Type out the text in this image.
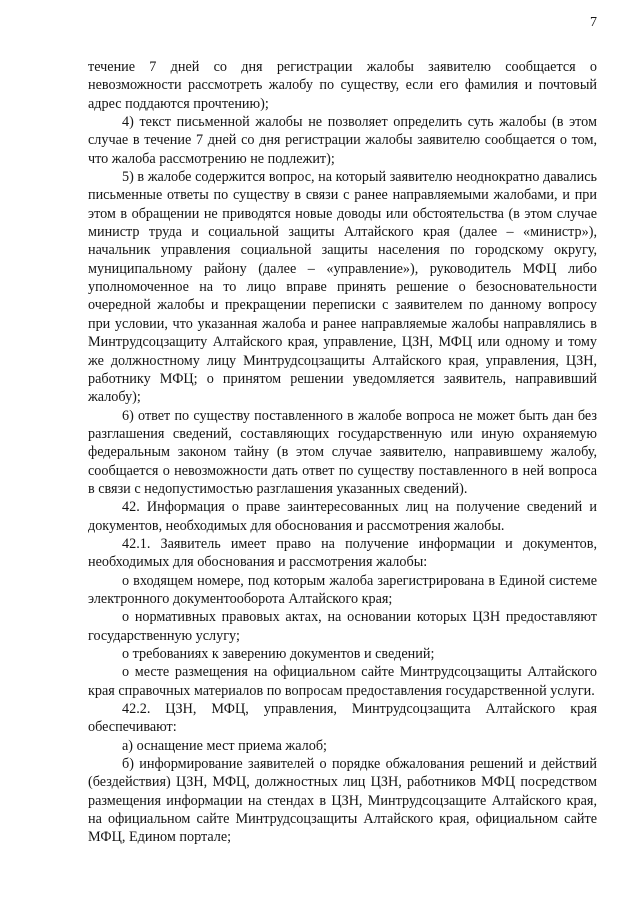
7

течение 7 дней со дня регистрации жалобы заявителю сообщается о невозможности рассмотреть жалобу по существу, если его фамилия и почтовый адрес поддаются прочтению);

4) текст письменной жалобы не позволяет определить суть жалобы (в этом случае в течение 7 дней со дня регистрации жалобы заявителю сообщается о том, что жалоба рассмотрению не подлежит);

5) в жалобе содержится вопрос, на который заявителю неоднократно давались письменные ответы по существу в связи с ранее направляемыми жалобами, и при этом в обращении не приводятся новые доводы или обстоятельства (в этом случае министр труда и социальной защиты Алтайского края (далее – «министр»), начальник управления социальной защиты населения по городскому округу, муниципальному району (далее – «управление»), руководитель МФЦ либо уполномоченное на то лицо вправе принять решение о безосновательности очередной жалобы и прекращении переписки с заявителем по данному вопросу при условии, что указанная жалоба и ранее направляемые жалобы направлялись в Минтрудсоцзащиту Алтайского края, управление, ЦЗН, МФЦ или одному и тому же должностному лицу Минтрудсоцзащиты Алтайского края, управления, ЦЗН, работнику МФЦ; о принятом решении уведомляется заявитель, направивший жалобу);

6) ответ по существу поставленного в жалобе вопроса не может быть дан без разглашения сведений, составляющих государственную или иную охраняемую федеральным законом тайну (в этом случае заявителю, направившему жалобу, сообщается о невозможности дать ответ по существу поставленного в ней вопроса в связи с недопустимостью разглашения указанных сведений).

42. Информация о праве заинтересованных лиц на получение сведений и документов, необходимых для обоснования и рассмотрения жалобы.

42.1. Заявитель имеет право на получение информации и документов, необходимых для обоснования и рассмотрения жалобы:

о входящем номере, под которым жалоба зарегистрирована в Единой системе электронного документооборота Алтайского края;

о нормативных правовых актах, на основании которых ЦЗН предоставляют государственную услугу;

о требованиях к заверению документов и сведений;

о месте размещения на официальном сайте Минтрудсоцзащиты Алтайского края справочных материалов по вопросам предоставления государственной услуги.

42.2. ЦЗН, МФЦ, управления, Минтрудсоцзащита Алтайского края обеспечивают:

а) оснащение мест приема жалоб;

б) информирование заявителей о порядке обжалования решений и действий (бездействия) ЦЗН, МФЦ, должностных лиц ЦЗН, работников МФЦ посредством размещения информации на стендах в ЦЗН, Минтрудсоцзащите Алтайского края, на официальном сайте Минтрудсоцзащиты Алтайского края, официальном сайте МФЦ, Едином портале;
